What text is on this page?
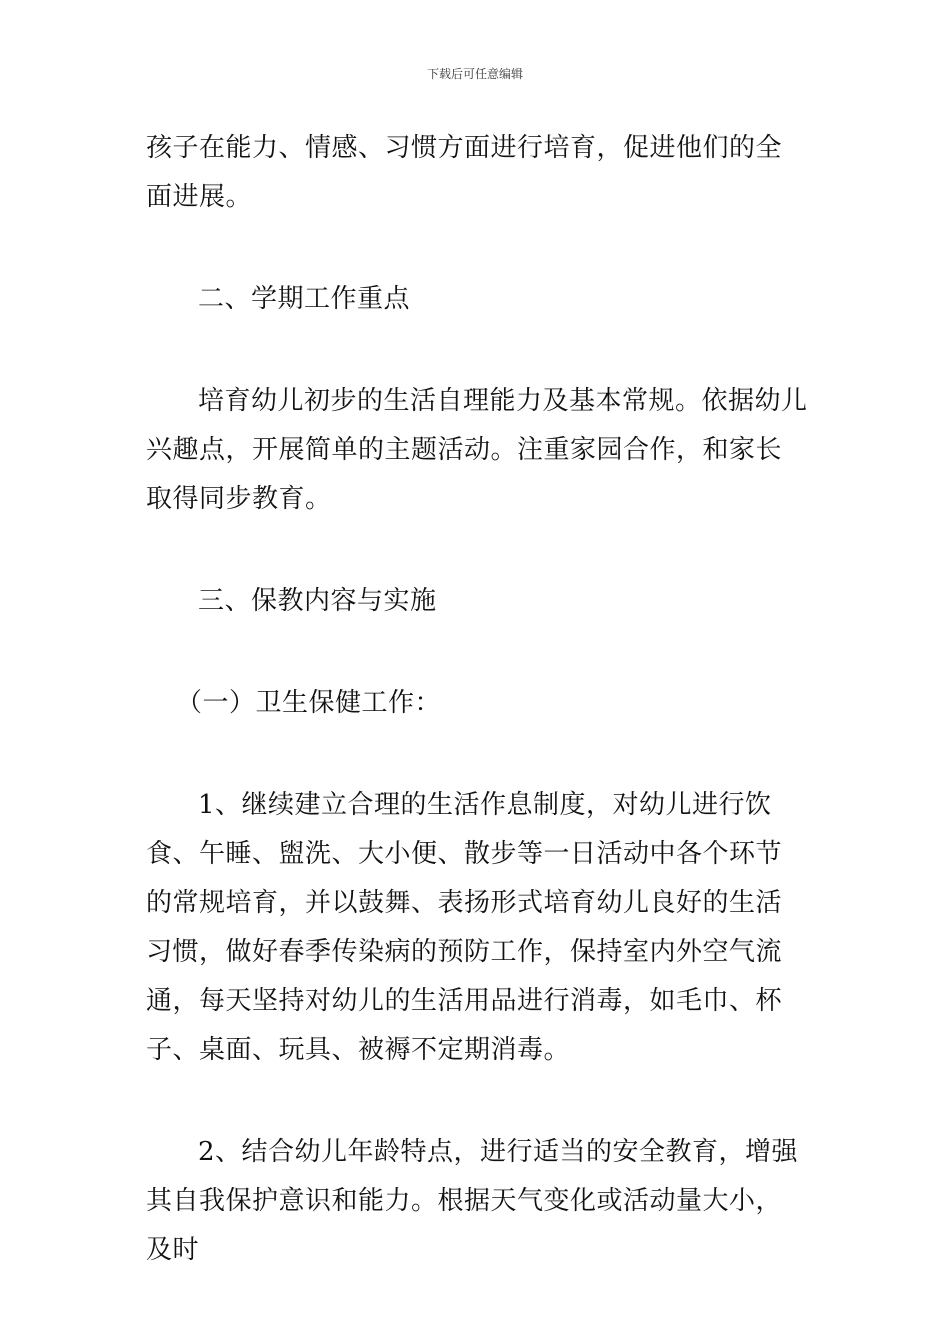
下载后可任意编辑

孩子在能力、情感、习惯方面进行培育，促进他们的全面进展。

二、学期工作重点

培育幼儿初步的生活自理能力及基本常规。依据幼儿兴趣点，开展简单的主题活动。注重家园合作，和家长取得同步教育。

三、保教内容与实施

（一）卫生保健工作：

1、继续建立合理的生活作息制度，对幼儿进行饮食、午睡、盥洗、大小便、散步等一日活动中各个环节的常规培育，并以鼓舞、表扬形式培育幼儿良好的生活习惯，做好春季传染病的预防工作，保持室内外空气流通，每天坚持对幼儿的生活用品进行消毒，如毛巾、杯子、桌面、玩具、被褥不定期消毒。

2、结合幼儿年龄特点，进行适当的安全教育，增强其自我保护意识和能力。根据天气变化或活动量大小，及时
